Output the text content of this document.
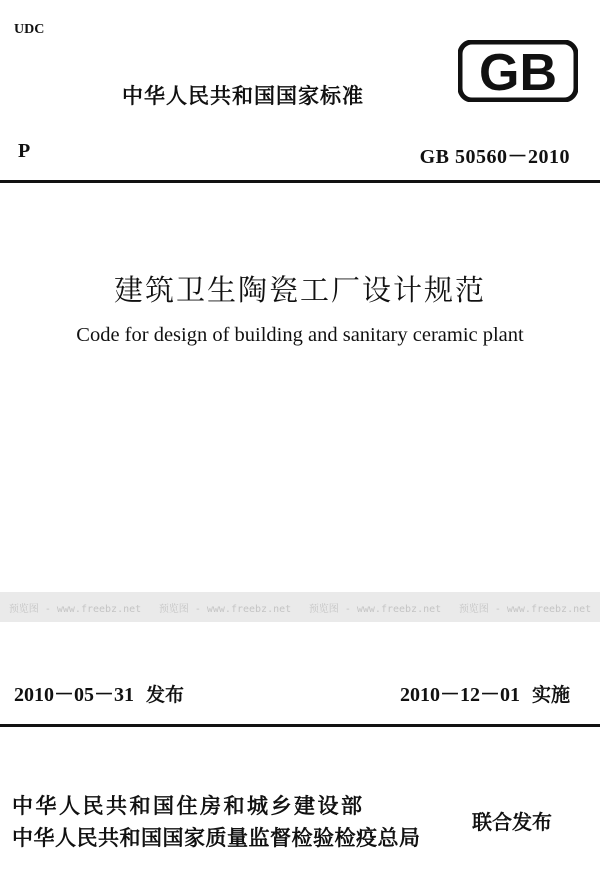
UDC
中华人民共和国国家标准 GB
P	GB 50560－2010
建筑卫生陶瓷工厂设计规范
Code for design of building and sanitary ceramic plant
预览图 - www.freebz.net	预览图 - www.freebz.net	预览图 - www.freebz.net	预览图 - www.freebz.net
2010－05－31 发布	2010－12－01 实施
中华人民共和国住房和城乡建设部
中华人民共和国国家质量监督检验检疫总局
联合发布
